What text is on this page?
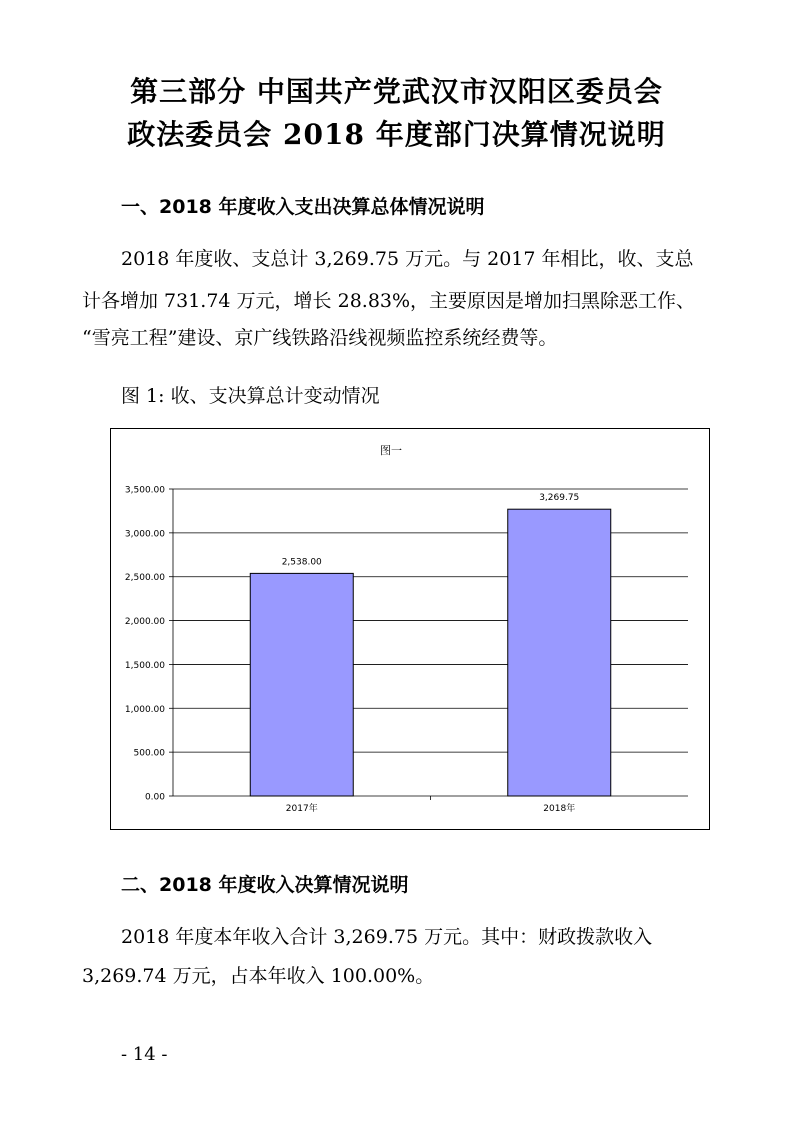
第三部分 中国共产党武汉市汉阳区委员会
政法委员会 2018 年度部门决算情况说明
一、2018 年度收入支出决算总体情况说明

2018 年度收、支总计 3,269.75 万元。与 2017 年相比，收、支总

计各增加 731.74 万元，增长 28.83%，主要原因是增加扫黑除恶工作、

“雪亮工程”建设、京广线铁路沿线视频监控系统经费等。

图 1: 收、支决算总计变动情况

0.00
500.00
1,000.00
1,500.00
2,000.00
2,500.00
3,000.00
3,500.00
2,538.00
2017年
3,269.75
2018年
图一
二、2018 年度收入决算情况说明

2018 年度本年收入合计 3,269.75 万元。其中：财政拨款收入

3,269.74 万元，占本年收入 100.00%。

- 14 -
